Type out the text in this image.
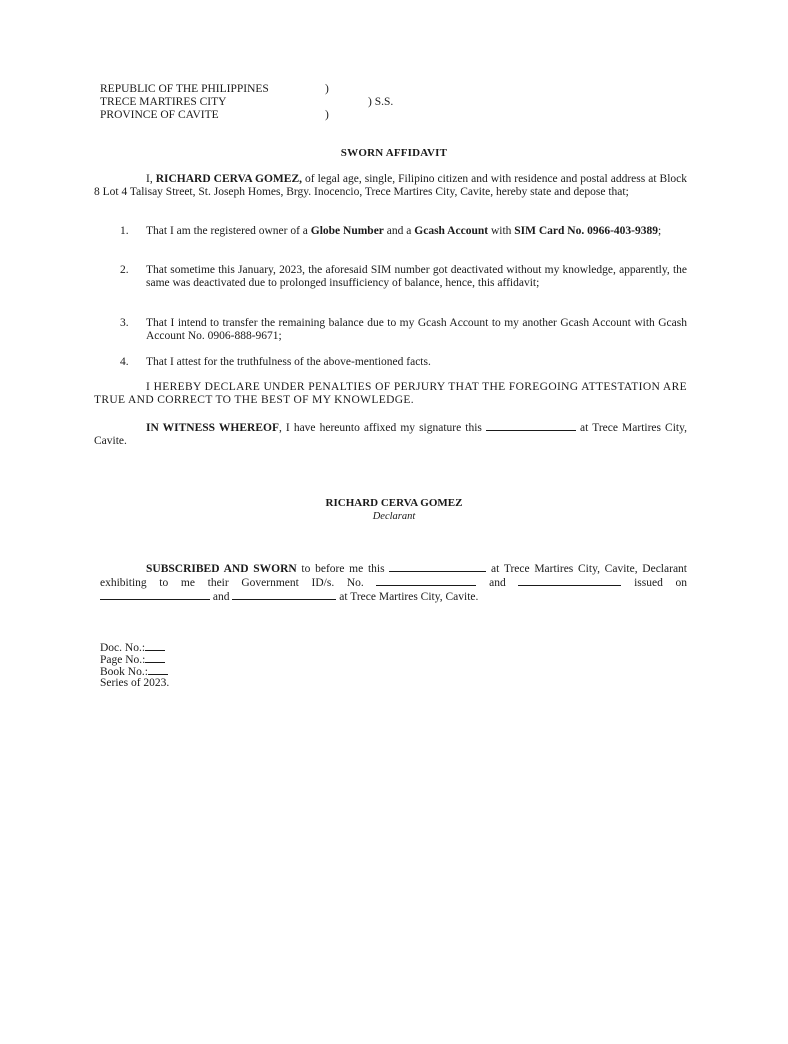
REPUBLIC OF THE PHILIPPINES	)
TRECE MARTIRES CITY	) S.S.
PROVINCE OF CAVITE	)
SWORN AFFIDAVIT
I, RICHARD CERVA GOMEZ, of legal age, single, Filipino citizen and with residence and postal address at Block 8 Lot 4 Talisay Street, St. Joseph Homes, Brgy. Inocencio, Trece Martires City, Cavite, hereby state and depose that;
1.	That I am the registered owner of a Globe Number and a Gcash Account with SIM Card No. 0966-403-9389;
2.	That sometime this January, 2023, the aforesaid SIM number got deactivated without my knowledge, apparently, the same was deactivated due to prolonged insufficiency of balance, hence, this affidavit;
3.	That I intend to transfer the remaining balance due to my Gcash Account to my another Gcash Account with Gcash Account No. 0906-888-9671;
4.	That I attest for the truthfulness of the above-mentioned facts.
I HEREBY DECLARE UNDER PENALTIES OF PERJURY THAT THE FOREGOING ATTESTATION ARE TRUE AND CORRECT TO THE BEST OF MY KNOWLEDGE.
IN WITNESS WHEREOF, I have hereunto affixed my signature this	at Trece Martires City, Cavite.
RICHARD CERVA GOMEZ
Declarant
SUBSCRIBED AND SWORN to before me this	at Trece Martires City, Cavite, Declarant exhibiting to me their Government ID/s. No.	and	issued on  and	at Trece Martires City, Cavite.
Doc. No.:
Page No.:
Book No.:
Series of 2023.
